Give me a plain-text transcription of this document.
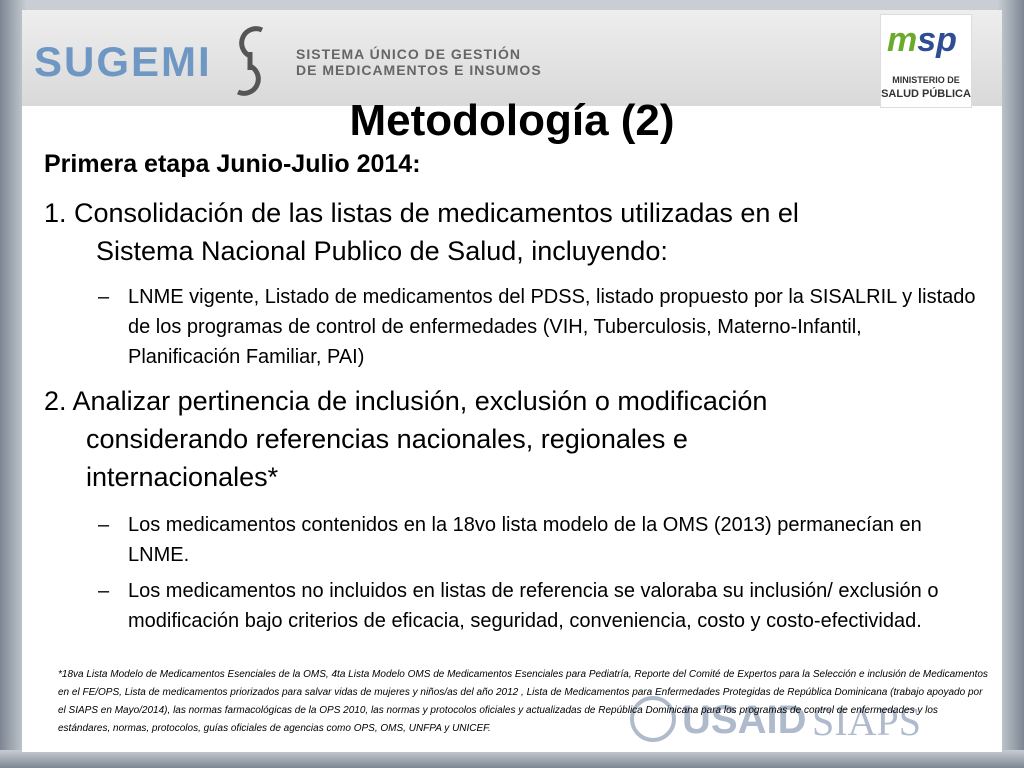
SUGEMI	SISTEMA ÚNICO DE GESTIÓN
DE MEDICAMENTOS E INSUMOS
msp
MINISTERIO DE
SALUD PÚBLICA
Metodología (2)
Primera etapa Junio-Julio 2014:
1. Consolidación de las listas de medicamentos utilizadas en el
Sistema Nacional Publico de Salud, incluyendo:
– LNME vigente, Listado de medicamentos del PDSS, listado propuesto por la SISALRIL y listado de los programas de control de enfermedades (VIH, Tuberculosis, Materno-Infantil, Planificación Familiar, PAI)
2. Analizar pertinencia de inclusión, exclusión o modificación
considerando referencias nacionales, regionales e
internacionales*
– Los medicamentos contenidos en la 18vo lista modelo de la OMS (2013) permanecían en LNME.
– Los medicamentos no incluidos en listas de referencia se valoraba su inclusión/ exclusión o modificación bajo criterios de eficacia, seguridad, conveniencia, costo y costo-efectividad.
USAID SIAPS
*18va Lista Modelo de Medicamentos Esenciales de la OMS, 4ta Lista Modelo OMS de Medicamentos Esenciales para Pediatría, Reporte del Comité de Expertos para la Selección e inclusión de Medicamentos en el FE/OPS, Lista de medicamentos priorizados para salvar vidas de mujeres y niños/as del año 2012 , Lista de Medicamentos para Enfermedades Protegidas de República Dominicana (trabajo apoyado por el SIAPS en Mayo/2014), las normas farmacológicas de la OPS 2010, las normas y protocolos oficiales y actualizadas de República Dominicana para los programas de control de enfermedades y los estándares, normas, protocolos, guías oficiales de agencias como OPS, OMS, UNFPA y UNICEF.
